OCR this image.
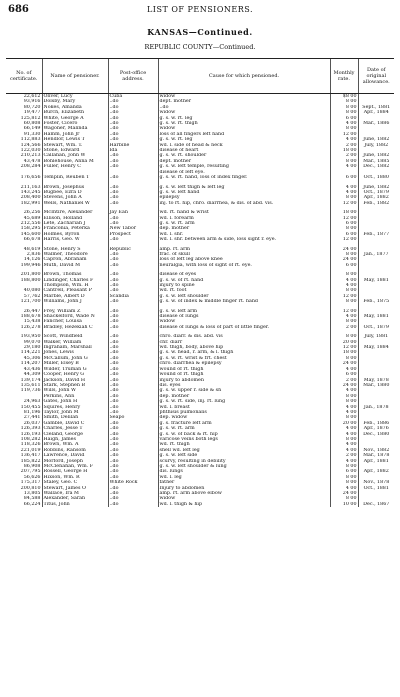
686	LIST OF PENSIONERS.
KANSAS—Continued.
REPUBLIC COUNTY—Continued.
No. of certificate.	Name of pensioner.	Post-office address.	Cause for which pensioned.	Monthly rate.	Date of original allowance.
22,612	Oliver, Lucy	Cuba	widow	$8 00	
93,916	Dolsby, Mary	..do	dept. mother	8 00	
80,720	Nokes, Amanda	..do	..do	8 00	Sept., 1881
19,477	Burch, Elizabeth	..do	widow	8 00	Apr., 1884
125,812	White, George A	..do	g. s. w. rt. leg	6 00	
60,808	Foster, Cicero	..do	g. s. w. rt. thigh	4 00	Mar., 1886
66,149	Wagoner, Malinda	..do	widow	8 00	
91,330	Hamm, John Jr	..do	loss of all fingers left hand	12 00	
112,883	Hendlor, Lewis T	..do	g. s. w. rt. leg	4 00	June, 1882
124,566	Stewart, Wm. T.	Harbine	wd. l. side of head & neck	2 00	July, 1882
122,030	Stone, Edward	Ida	disease of heart	18 00	
210,213	Callahan, John W	..do	g. s. w. rt. shoulder	2 00	June, 1882
43,478	Bohlehouse, Anna M	..do	dept. mother	8 00	Mar., 1885
208,284	Fuller, Henry C	..do	g. s. w. left temple, resulting	4 00	Dec., 1882
			disease of left eye.		
176,656	Templin, Reuben T	..do	g. s. w. rt. hand, loss of index finger.	6 00	Oct., 1880

211,163	Brown, Josephus	..do	g. s. w. left thigh & left leg	4 00	June, 1882
143,245	Bugbee, Ezra D	..do	g. s. w. left hand	4 00	Oct., 1879
208,400	Stevens, John A	..do	epilepsy	8 00	Apr., 1882
182,991	Wells, Nathaniel W	..do	inj. to rt. hip, chro. diarrhea, & dis. of abd. vis.	12 00	Feb., 1882

26,256	McIntire, Alexander	Jay Ean	wd. rt. hand & wrist	18 00	
45,689	Ellison, Holland	..do	wd. l. forearm	12 00	
212,556	Lete, Zachariah J	..do	g. s. w. rt. arm	6 00	
158,295	Franconia, Peterka	New Tabor	dep. mother	8 00	
145,600	Holmes, Byron	Prospect	wd. l. shr.	6 00	Feb., 1877
66,678	Harris, Geo. W	..do	wd. l. shr. between arm & side, loss sight r. eye.	12 00	

48,619	Stone, Henry S	Republic	amp. rt. arm	24 00	
2,836	Walmer, Theodore	..do	frac. of skull	8 00	Jan., 1877
14,126	Capron, Abraham	..do	loss of left leg above knee	24 00	
199,946	Muth, David M	..do	neuralgia, with loss of sight of rt. eye.	6 00	

201,800	Brown, Thomas	..do	disease of eyes	8 00	
188,800	Lindinger, Charles F	..do	g. s. w. of rt. hand	4 00	May, 1881
	Thompson, Wm. H	..do	injury to spine	4 00	
40,080	Cantrell, Pleasant P	..do	wd. rt. foot	8 00	
57,762	Marble, Albert D	Scandia	g. s. w. left shoulder	12 00	
121,700	Williams, John J	..do	g. s. w. of index & middle finger rt. hand	8 00	Feb., 1875

26,447	Frey, William Z	..do	g. s. w. left arm	12 00	
188,678	Shackelford, Wade N	..do	disease of lungs	4 00	May, 1881
15,438	Fancher, Louisa	..do	widow	8 00	
126,278	Bradley, Hezekiah C	..do	disease of lungs & loss of part of little finger.	2 00	Oct., 1879

193,950	Scott, Windfield	..do	chro. diarr. & dis. abd. vis	8 00	July, 1881
99,070	Walker, William	..do	chr. diarr	20 00	
29,180	Ingraham, Marshall	..do	wd. thigh, body, above hip	12 00	May, 1884
114,221	Jones, Lewis	..do	g. s. w. head, r. arm, & l. thigh	18 00	
45,306	McCallum, John G	..do	g. s. w. rt. wrist & frt. chest	8 00	
114,207	Miller, Elsey B	..do	chro. diarrhea & epilepsy	24 00	
43,436	Wilder, Truman G	..do	wound of rt. thigh	4 00	
44,309	Cooper, Henry G	..do	wound of rt. thigh	6 00	
139,174	Jackson, David H	..do	injury to abdomen	2 00	May, 1878
135,611	Stark, Stephen B	..do	dis. eyes	24 00	Mar., 1880
119,736	Wills, John W	..do	g. s. w. upper r. side & sh	4 00	
	Perkins, Ann	..do	dep. mother	8 00	
24,963	Gates, John H	..do	g. s. w. rt. side, inj. rt. lung	8 00	
150,455	Squires, Henry	..do	wd. l. breast	4 00	Jan., 1878
81,196	Taylor, John M	..do	phthisis pulmonalis	4 00	
27,441	Smith, Delilah	Seapo	dep. widow	8 00	
26,037	Gamble, David C	..do	g. s. fracture left arm	20 00	Feb., 1886
126,393	Charles, Jesse T	..do	g. s. w. rt. arm	4 00	Apr., 1876
126,193	Cleland, George	..do	g. s. w. of back & rt. hip	4 00	Dec., 1880
108,282	Haigh, James	..do	varicose veins both legs	8 00	
118,326	Brown, Wm. A	..do	wd. rt. thigh	4 00	
221,019	Robbins, Ransom	..do	shell wd. left leg	4 00	Nov., 1882
136,417	Lawrence, David	..do	g. s. w. left side	2 00	Mar., 1878
185,822	Morford, Joseph	..do	scurvy, resulting in debility	4 00	Apr., 1881
86,908	McClenahan, Wm. F	..do	g. s. w. left shoulder & lung	8 00	
207,795	Rossell, George H	..do	dis. lungs	6 00	Apr., 1882
56,626	Hixson, Wm. R	..do	wd. l. leg	8 00	
175,317	Staley, Geo. C	White Rock	father	8 00	Nov., 1878
200,810	Stewart, James O	..do	Injury to abdomen	4 00	Oct., 1881
13,805	Wallace, Ira M	..do	amp. rt. arm above elbow	24 00	
84,588	Alexander, Sarah	..do	widow	8 00	
66,224	Titus, John	..do	wd. l. thigh & hip	10 00	Dec., 1867
